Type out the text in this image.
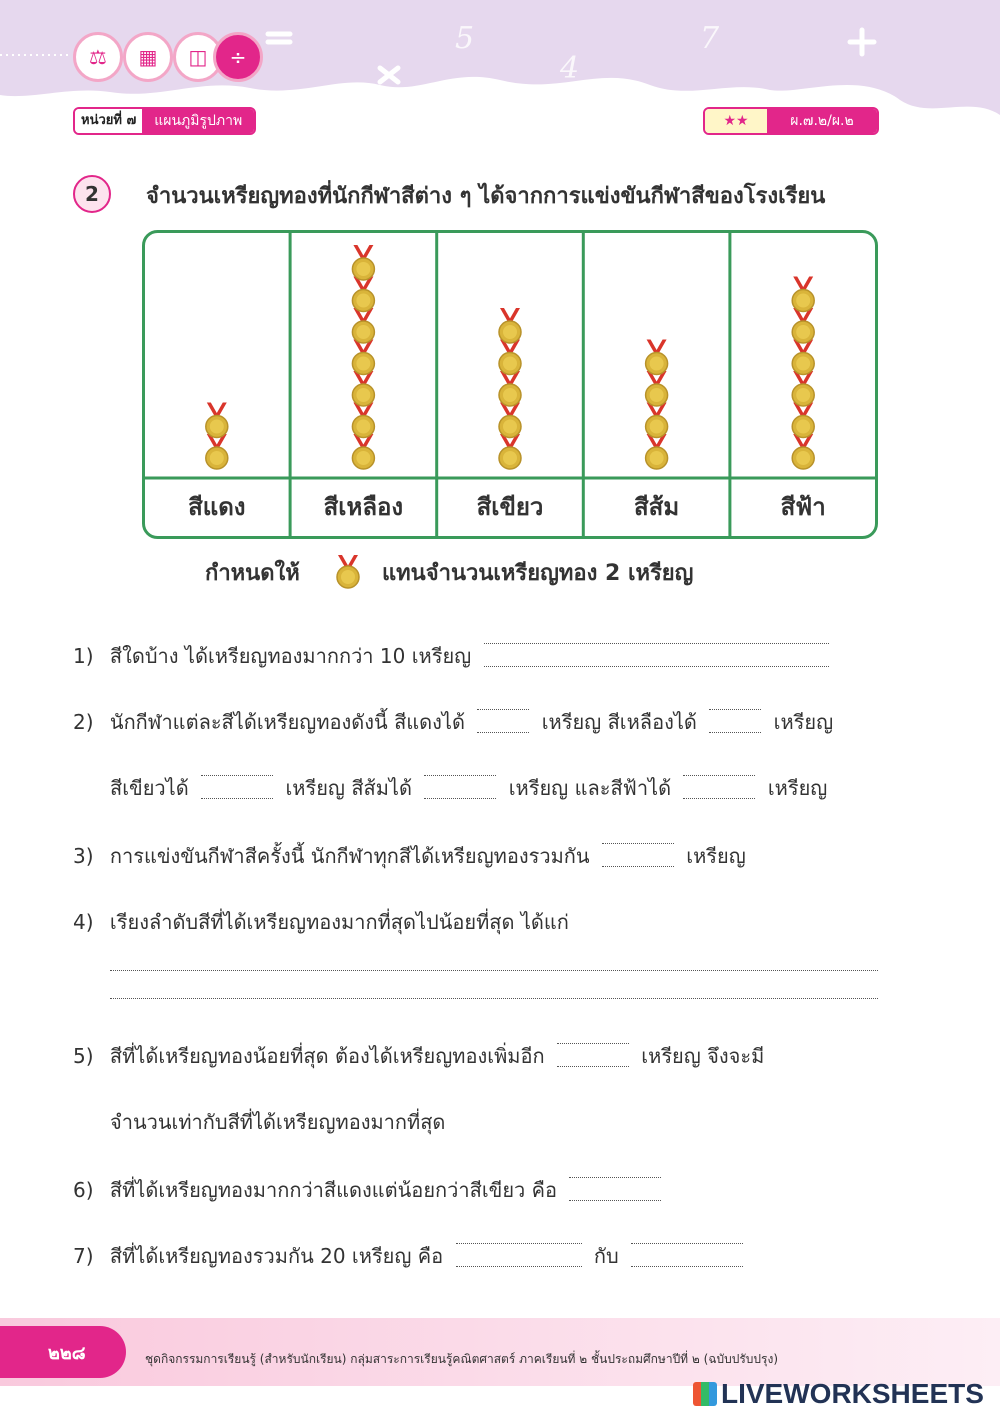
5
4
7
⚖	▦	◫	÷
หน่วยที่ ๗	แผนภูมิรูปภาพ	★★	ผ.๗.๒/ผ.๒
2	จำนวนเหรียญทองที่นักกีฬาสีต่าง ๆ ได้จากการแข่งขันกีฬาสีของโรงเรียน
สีแดง	สีเหลือง	สีเขียว	สีส้ม	สีฟ้า
กำหนดให้	แทนจำนวนเหรียญทอง 2 เหรียญ
1) สีใดบ้าง ได้เหรียญทองมากกว่า 10 เหรียญ
2) นักกีฬาแต่ละสีได้เหรียญทองดังนี้ สีแดงได้	เหรียญ สีเหลืองได้	เหรียญ
สีเขียวได้	เหรียญ สีส้มได้	เหรียญ และสีฟ้าได้	เหรียญ
3) การแข่งขันกีฬาสีครั้งนี้ นักกีฬาทุกสีได้เหรียญทองรวมกัน	เหรียญ
4) เรียงลำดับสีที่ได้เหรียญทองมากที่สุดไปน้อยที่สุด ได้แก่
5) สีที่ได้เหรียญทองน้อยที่สุด ต้องได้เหรียญทองเพิ่มอีก	เหรียญ จึงจะมี
จำนวนเท่ากับสีที่ได้เหรียญทองมากที่สุด
6) สีที่ได้เหรียญทองมากกว่าสีแดงแต่น้อยกว่าสีเขียว คือ
7) สีที่ได้เหรียญทองรวมกัน 20 เหรียญ คือ	กับ
๒๒๘	ชุดกิจกรรมการเรียนรู้ (สำหรับนักเรียน) กลุ่มสาระการเรียนรู้คณิตศาสตร์ ภาคเรียนที่ ๒ ชั้นประถมศึกษาปีที่ ๒ (ฉบับปรับปรุง)
LIVEWORKSHEETS
